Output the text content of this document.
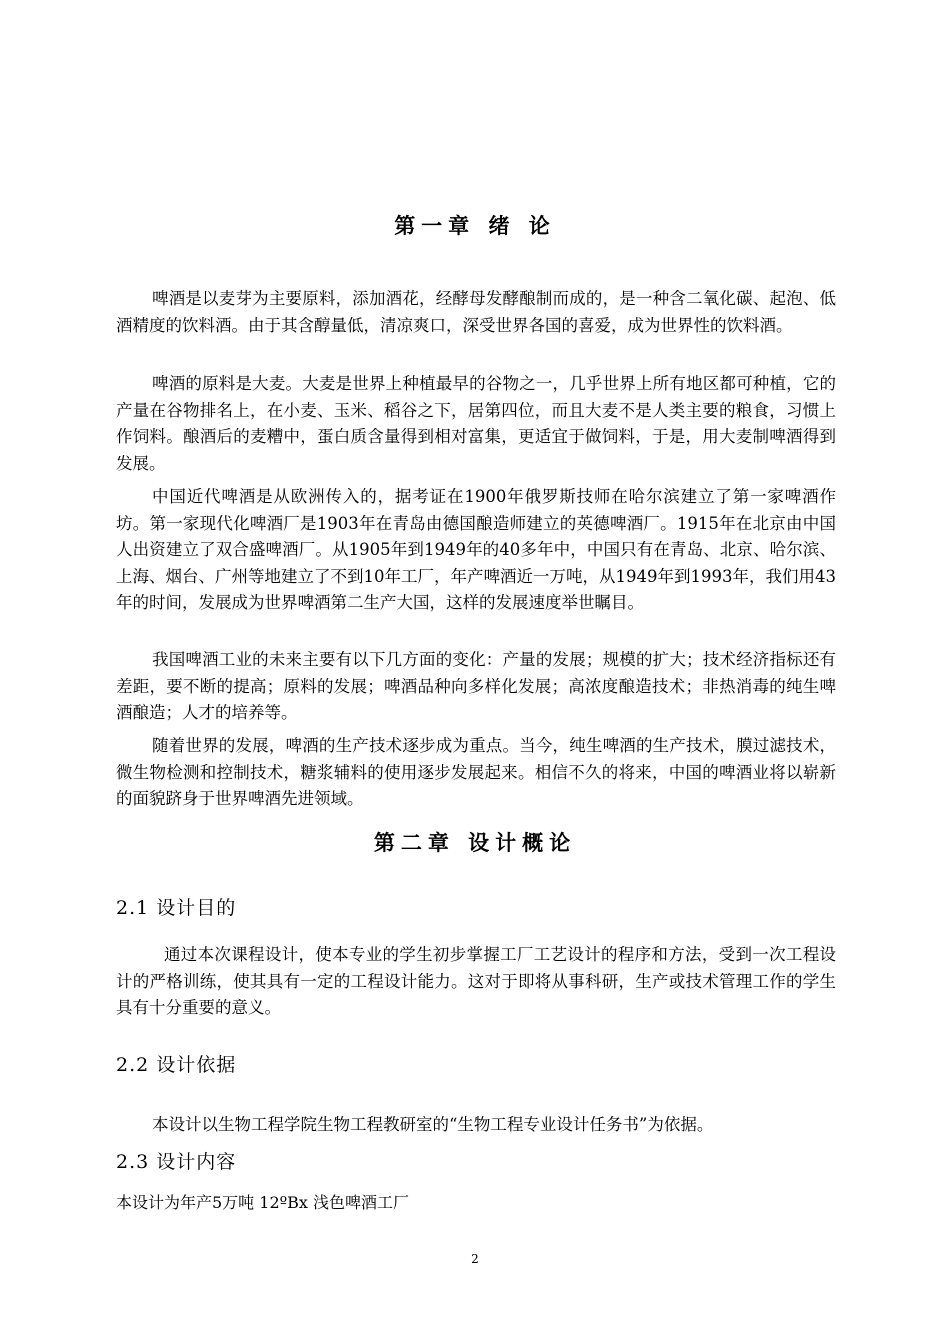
第一章 绪 论
啤酒是以麦芽为主要原料，添加酒花，经酵母发酵酿制而成的，是一种含二氧化碳、起泡、低酒精度的饮料酒。由于其含醇量低，清凉爽口，深受世界各国的喜爱，成为世界性的饮料酒。
啤酒的原料是大麦。大麦是世界上种植最早的谷物之一，几乎世界上所有地区都可种植，它的产量在谷物排名上，在小麦、玉米、稻谷之下，居第四位，而且大麦不是人类主要的粮食，习惯上作饲料。酿酒后的麦糟中，蛋白质含量得到相对富集，更适宜于做饲料，于是，用大麦制啤酒得到发展。
中国近代啤酒是从欧洲传入的，据考证在1900年俄罗斯技师在哈尔滨建立了第一家啤酒作坊。第一家现代化啤酒厂是1903年在青岛由德国酿造师建立的英德啤酒厂。1915年在北京由中国人出资建立了双合盛啤酒厂。从1905年到1949年的40多年中，中国只有在青岛、北京、哈尔滨、上海、烟台、广州等地建立了不到10年工厂，年产啤酒近一万吨，从1949年到1993年，我们用43年的时间，发展成为世界啤酒第二生产大国，这样的发展速度举世瞩目。
我国啤酒工业的未来主要有以下几方面的变化：产量的发展；规模的扩大；技术经济指标还有差距，要不断的提高；原料的发展；啤酒品种向多样化发展；高浓度酿造技术；非热消毒的纯生啤酒酿造；人才的培养等。
随着世界的发展，啤酒的生产技术逐步成为重点。当今，纯生啤酒的生产技术，膜过滤技术，微生物检测和控制技术，糖浆辅料的使用逐步发展起来。相信不久的将来，中国的啤酒业将以崭新的面貌跻身于世界啤酒先进领域。
第二章 设计概论
2.1 设计目的
通过本次课程设计，使本专业的学生初步掌握工厂工艺设计的程序和方法，受到一次工程设计的严格训练，使其具有一定的工程设计能力。这对于即将从事科研，生产或技术管理工作的学生具有十分重要的意义。
2.2 设计依据
本设计以生物工程学院生物工程教研室的“生物工程专业设计任务书”为依据。
2.3 设计内容
本设计为年产5万吨 12ºBx 浅色啤酒工厂
2
